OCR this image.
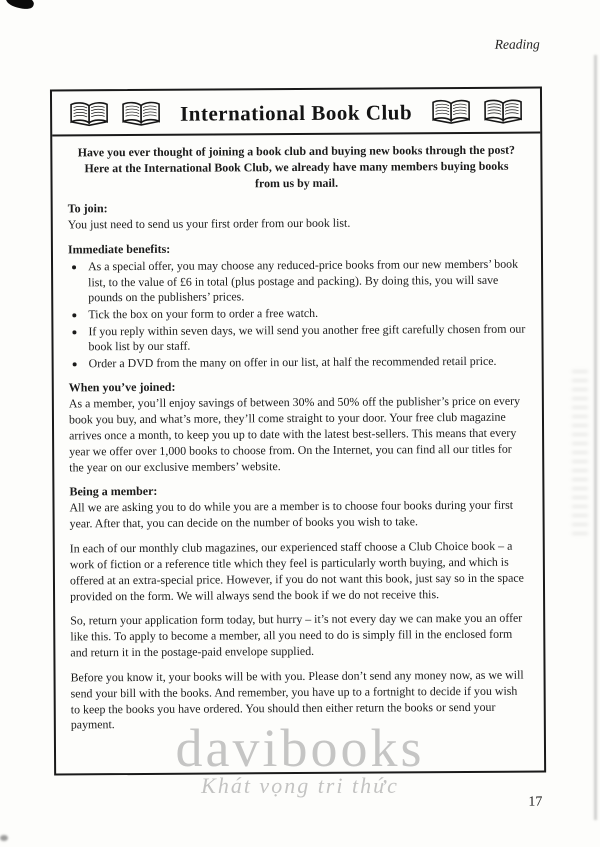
Reading
International Book Club

Have you ever thought of joining a book club and buying new books through the post? Here at the International Book Club, we already have many members buying books from us by mail.

To join:

You just need to send us your first order from our book list.

Immediate benefits:

• As a special offer, you may choose any reduced-price books from our new members’ book list, to the value of £6 in total (plus postage and packing). By doing this, you will save pounds on the publishers’ prices.
• Tick the box on your form to order a free watch.
• If you reply within seven days, we will send you another free gift carefully chosen from our book list by our staff.
• Order a DVD from the many on offer in our list, at half the recommended retail price.

When you’ve joined:

As a member, you’ll enjoy savings of between 30% and 50% off the publisher’s price on every book you buy, and what’s more, they’ll come straight to your door. Your free club magazine arrives once a month, to keep you up to date with the latest best-sellers. This means that every year we offer over 1,000 books to choose from. On the Internet, you can find all our titles for the year on our exclusive members’ website.

Being a member:

All we are asking you to do while you are a member is to choose four books during your first year. After that, you can decide on the number of books you wish to take.

In each of our monthly club magazines, our experienced staff choose a Club Choice book – a work of fiction or a reference title which they feel is particularly worth buying, and which is offered at an extra-special price. However, if you do not want this book, just say so in the space provided on the form. We will always send the book if we do not receive this.

So, return your application form today, but hurry – it’s not every day we can make you an offer like this. To apply to become a member, all you need to do is simply fill in the enclosed form and return it in the postage-paid envelope supplied.

Before you know it, your books will be with you. Please don’t send any money now, as we will send your bill with the books. And remember, you have up to a fortnight to decide if you wish to keep the books you have ordered. You should then either return the books or send your payment.

17
davibooks
Khát vọng tri thức
